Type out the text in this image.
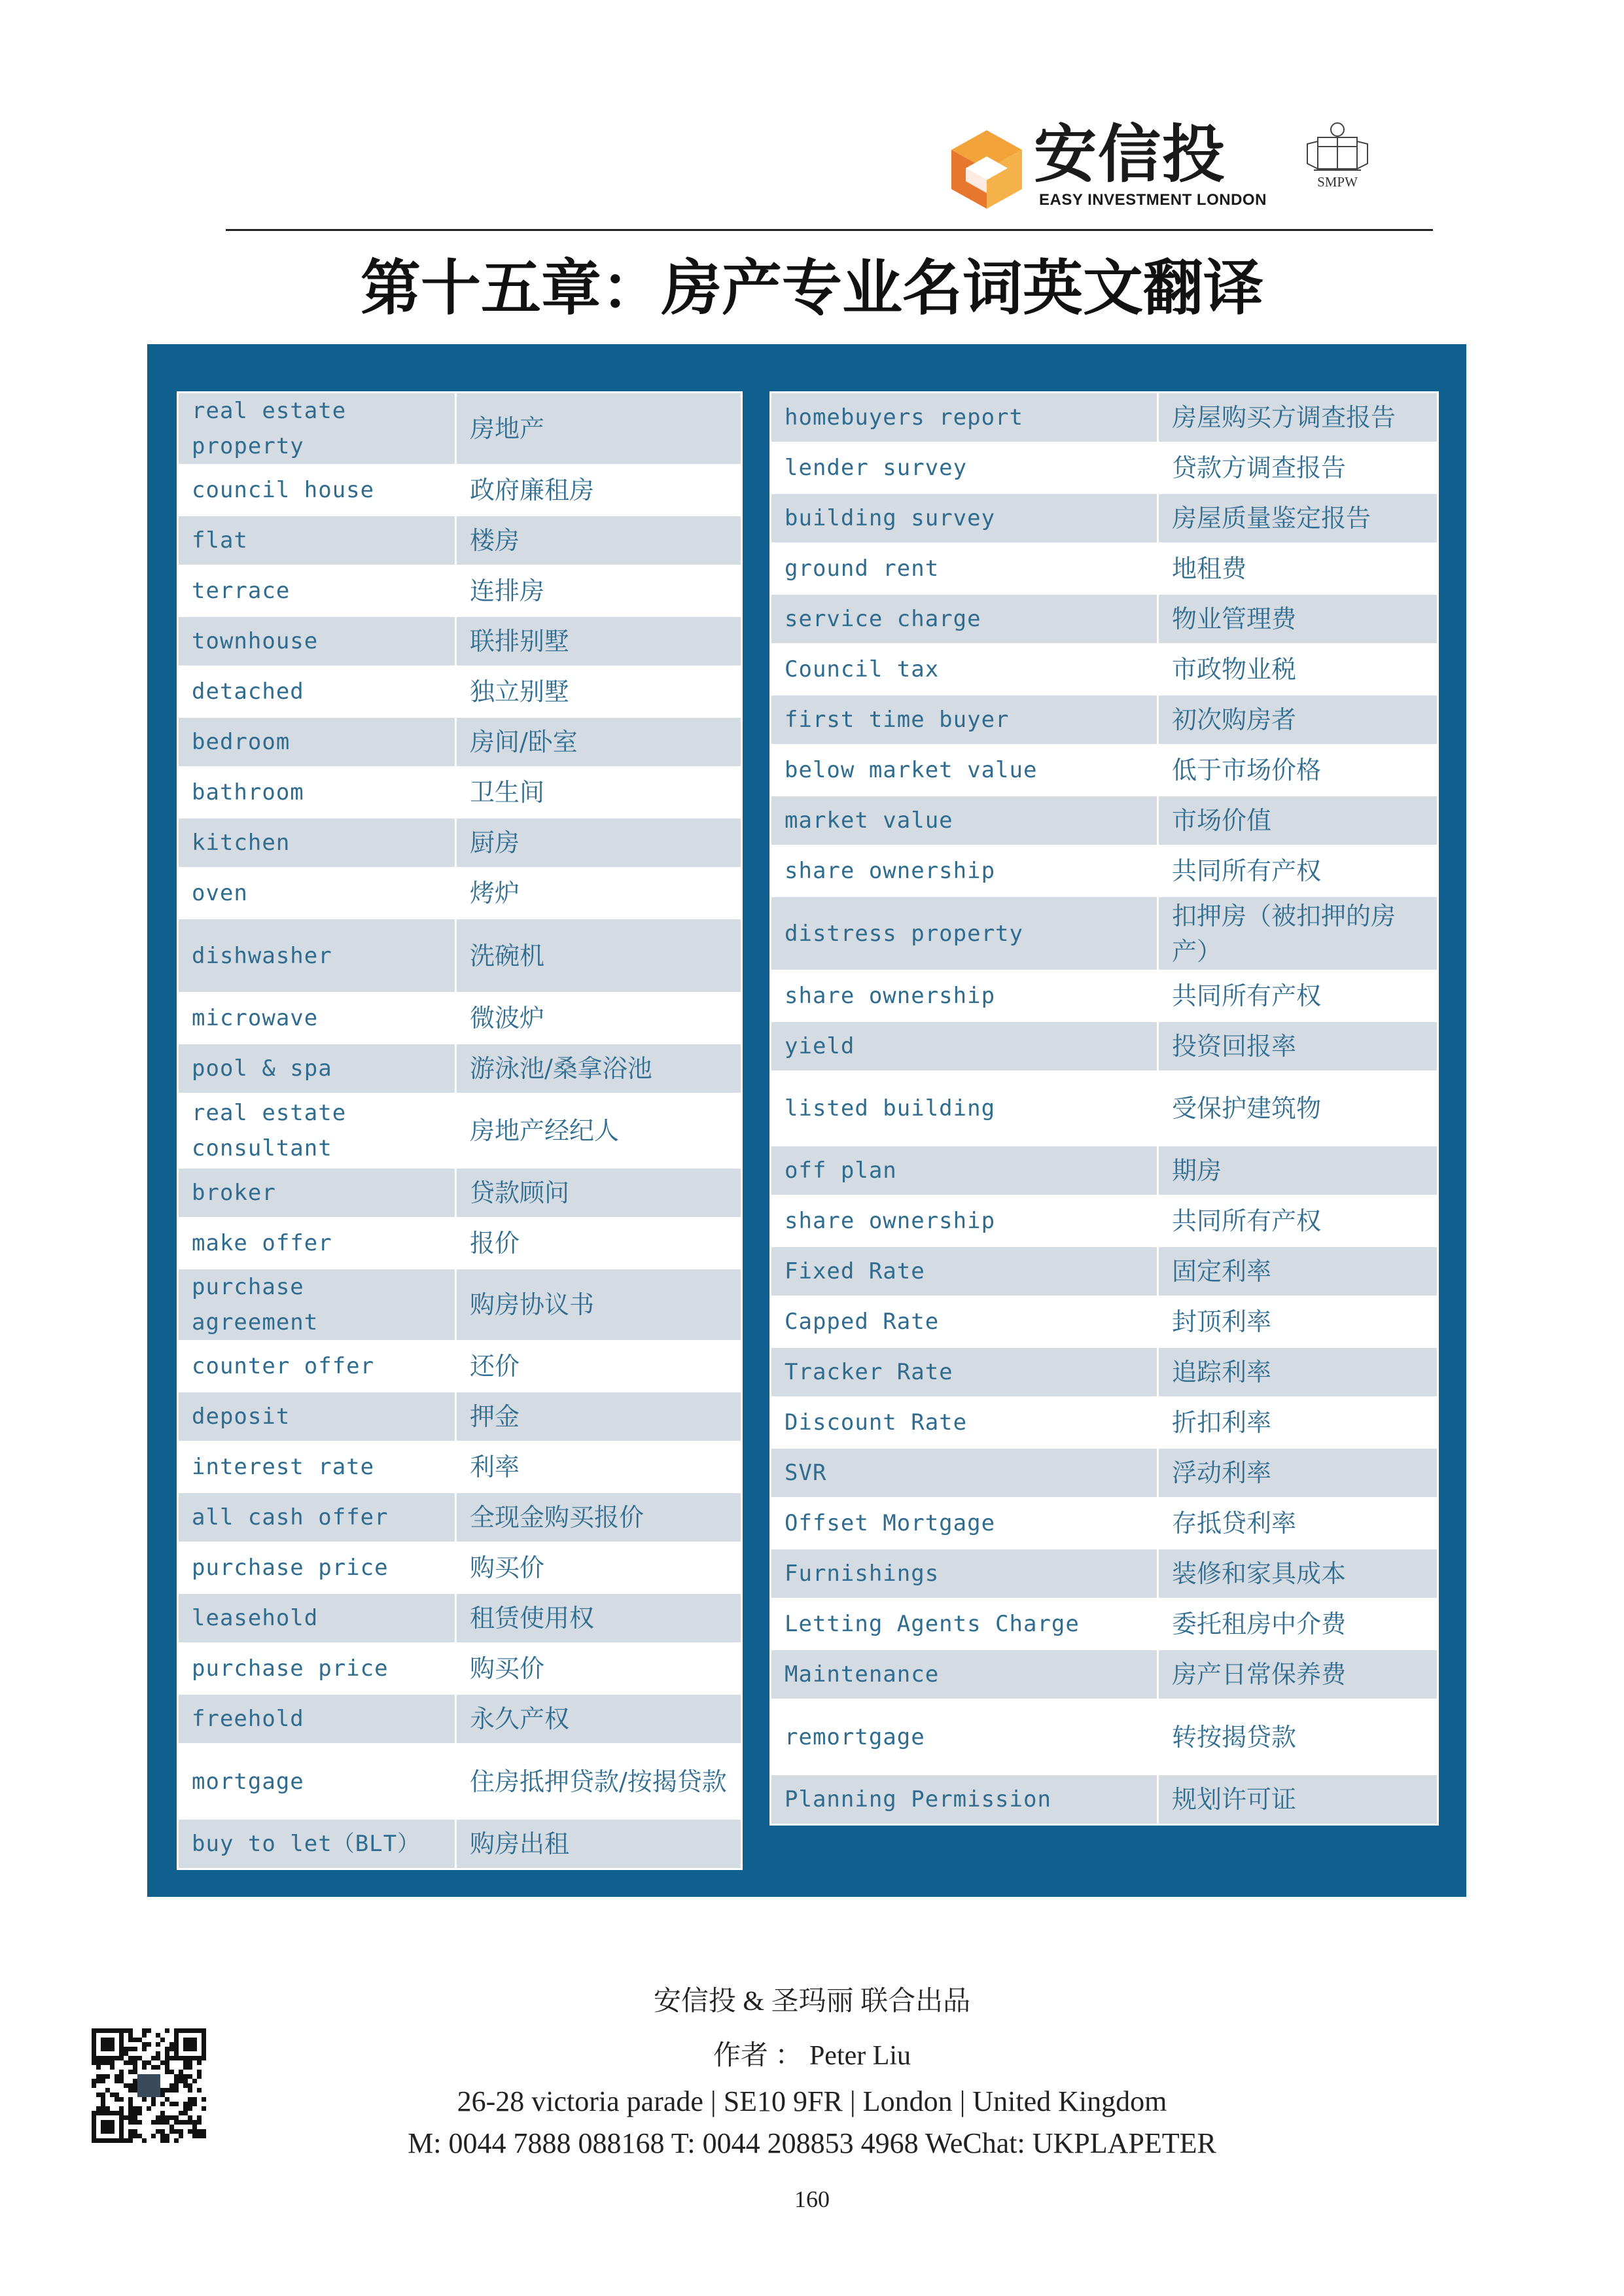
安信投
EASY INVESTMENT LONDON
SMPW
第十五章：房产专业名词英文翻译
real estate property	房地产
council house	政府廉租房
flat	楼房
terrace	连排房
townhouse	联排别墅
detached	独立别墅
bedroom	房间/卧室
bathroom	卫生间
kitchen	厨房
oven	烤炉
dishwasher	洗碗机
microwave	微波炉
pool & spa	游泳池/桑拿浴池
real estate consultant	房地产经纪人
broker	贷款顾问
make offer	报价
purchase agreement	购房协议书
counter offer	还价
deposit	押金
interest rate	利率
all cash offer	全现金购买报价
purchase price	购买价
leasehold	租赁使用权
purchase price	购买价
freehold	永久产权
mortgage	住房抵押贷款/按揭贷款
buy to let（BLT）	购房出租
homebuyers report	房屋购买方调查报告
lender survey	贷款方调查报告
building survey	房屋质量鉴定报告
ground rent	地租费
service charge	物业管理费
Council tax	市政物业税
first time buyer	初次购房者
below market value	低于市场价格
market value	市场价值
share ownership	共同所有产权
distress property	扣押房（被扣押的房产）
share ownership	共同所有产权
yield	投资回报率
listed building	受保护建筑物
off plan	期房
share ownership	共同所有产权
Fixed Rate	固定利率
Capped Rate	封顶利率
Tracker Rate	追踪利率
Discount Rate	折扣利率
SVR	浮动利率
Offset Mortgage	存抵贷利率
Furnishings	装修和家具成本
Letting Agents Charge	委托租房中介费
Maintenance	房产日常保养费
remortgage	转按揭贷款
Planning Permission	规划许可证
安信投 & 圣玛丽 联合出品
作者 ： Peter Liu
26-28 victoria parade | SE10 9FR | London | United Kingdom
M: 0044 7888 088168 T: 0044 208853 4968 WeChat: UKPLAPETER
160
